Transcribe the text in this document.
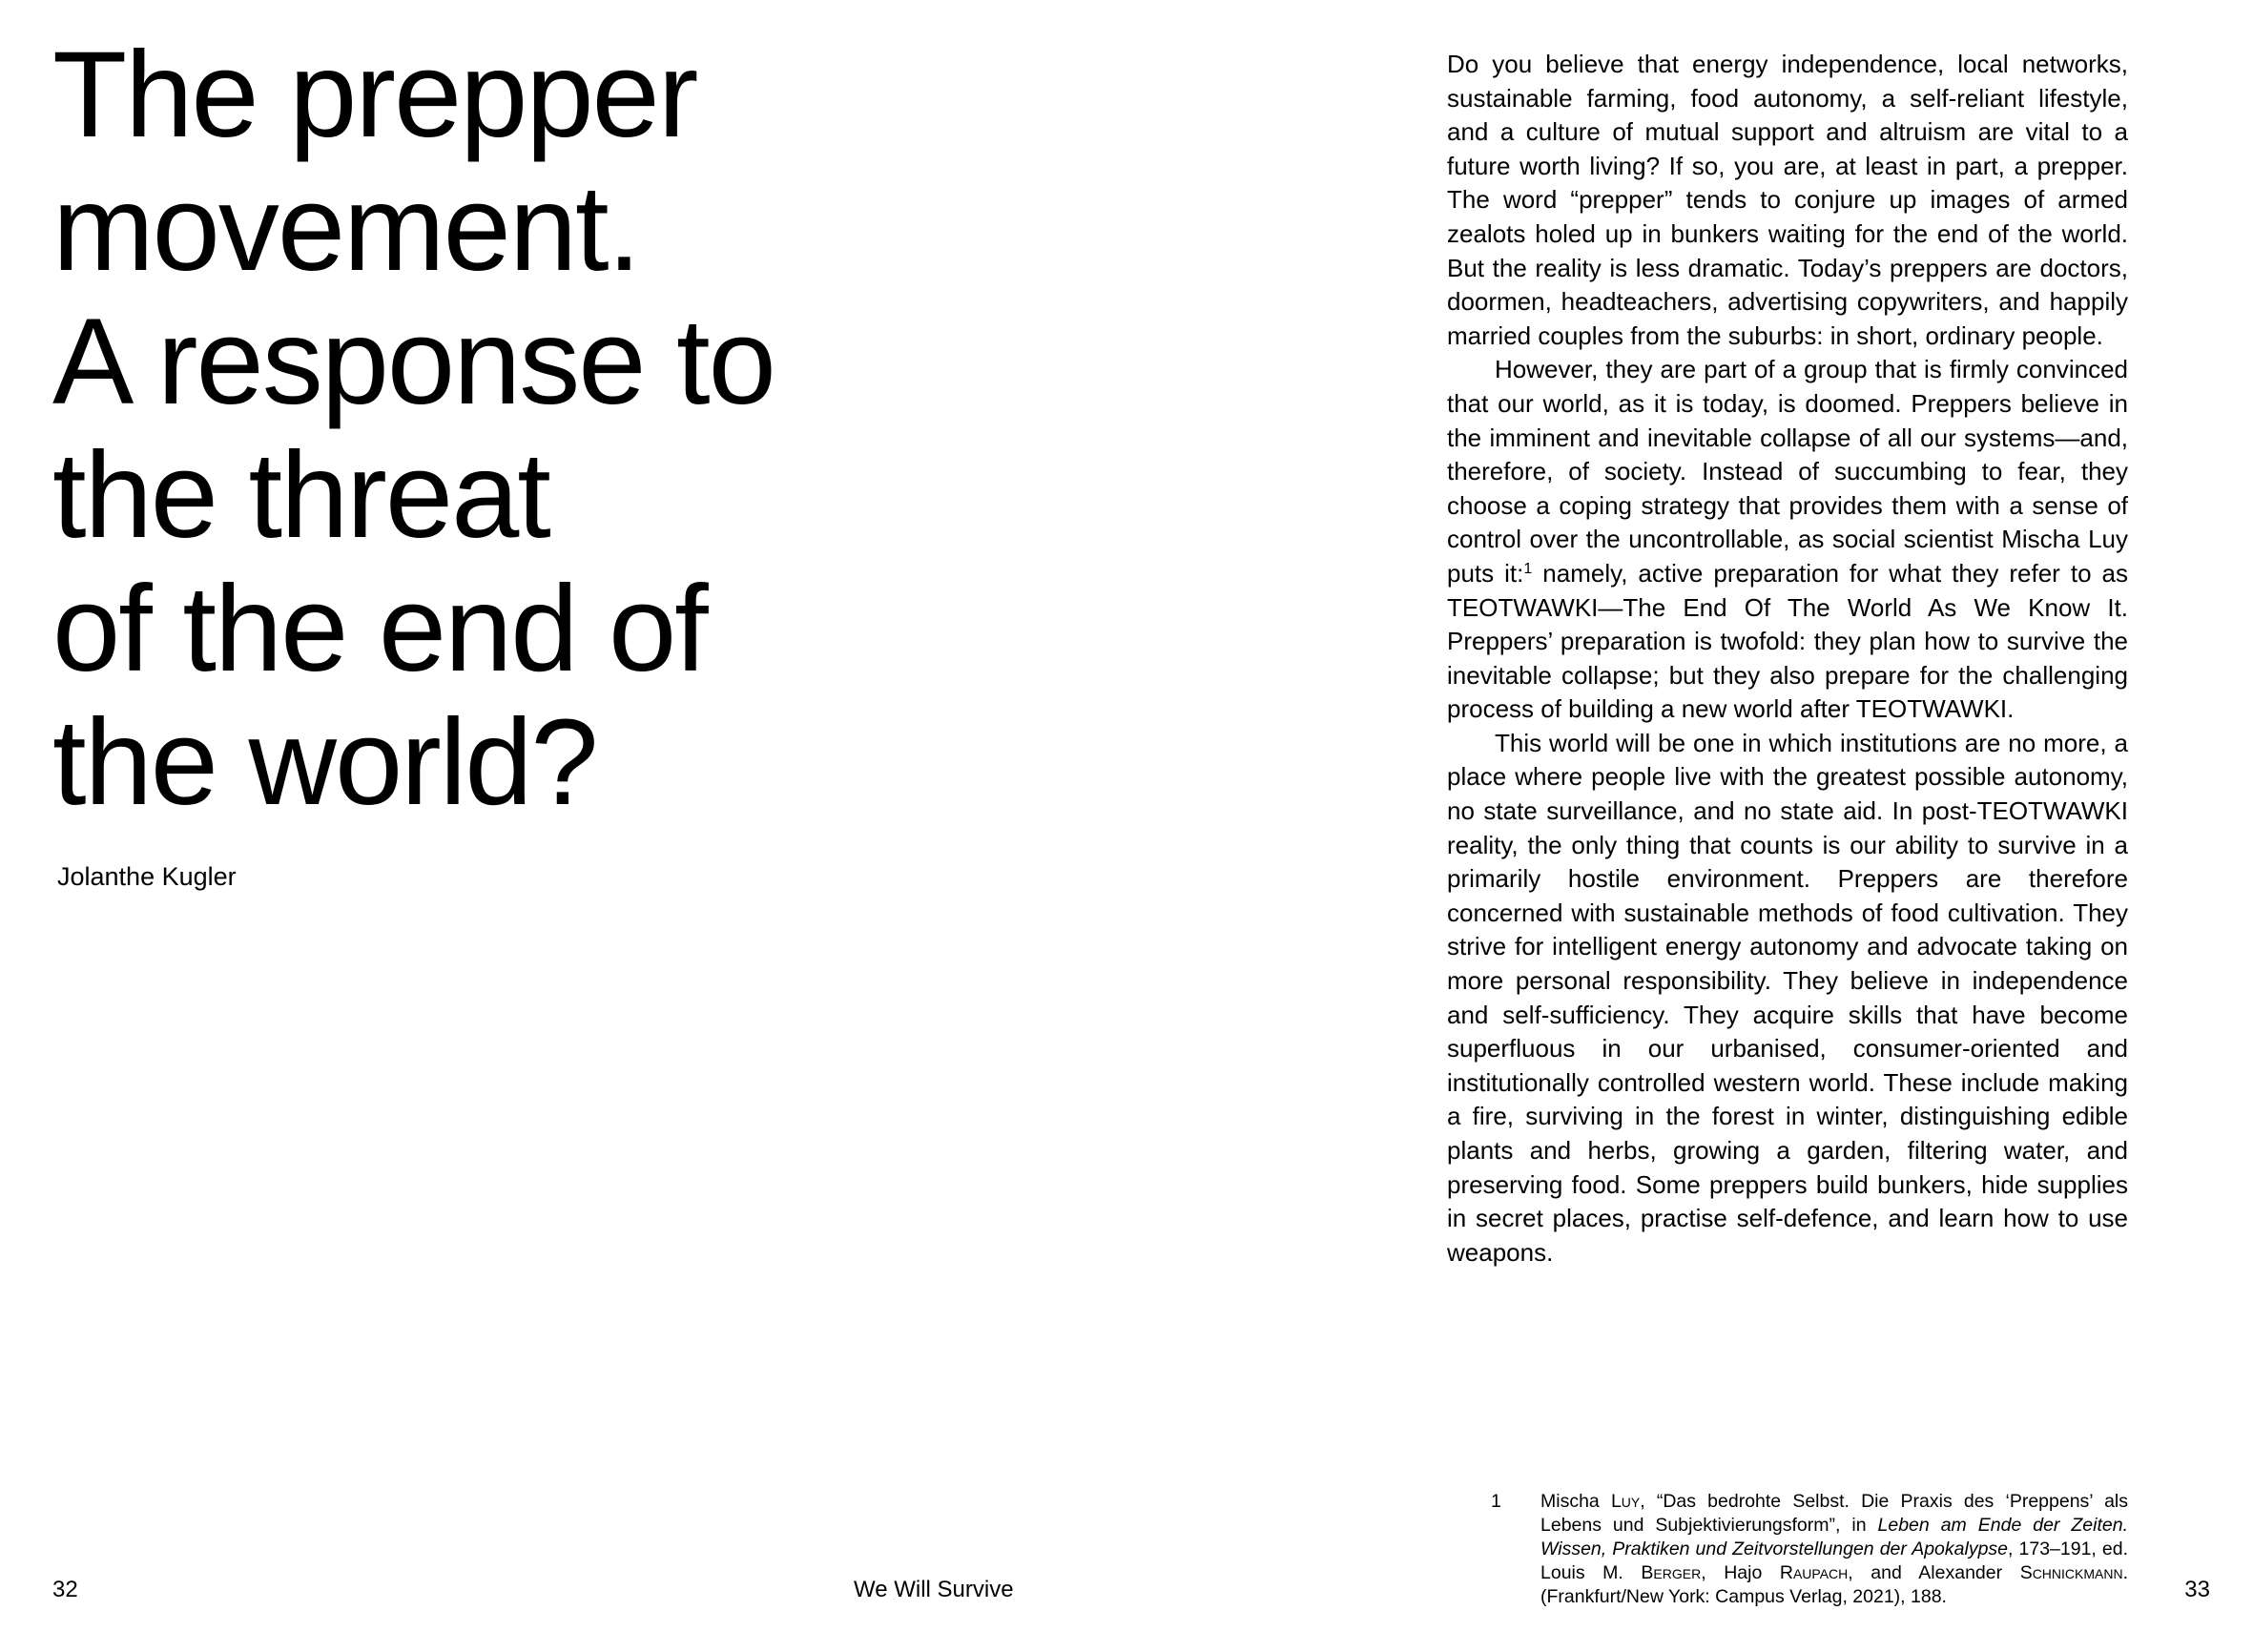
The prepper
movement.
A response to
the threat
of the end of
the world?
Jolanthe Kugler

Do you believe that energy independence, local networks, sustainable farming, food autonomy, a self-reliant lifestyle, and a culture of mutual support and altruism are vital to a future worth living? If so, you are, at least in part, a prepper. The word “prepper” tends to conjure up images of armed zealots holed up in bunkers waiting for the end of the world. But the reality is less dramatic. Today’s preppers are doctors, doormen, headteachers, advertising copywriters, and happily married couples from the suburbs: in short, ordinary people.

However, they are part of a group that is firmly convinced that our world, as it is today, is doomed. Preppers believe in the imminent and inevitable collapse of all our systems—and, therefore, of society. Instead of succumbing to fear, they choose a coping strategy that provides them with a sense of control over the uncontrollable, as social scientist Mischa Luy puts it:$^1$ namely, active preparation for what they refer to as TEOTWAWKI—The End Of The World As We Know It. Preppers’ preparation is twofold: they plan how to survive the inevitable collapse; but they also prepare for the challenging process of building a new world after TEOTWAWKI.

This world will be one in which institutions are no more, a place where people live with the greatest possible autonomy, no state surveillance, and no state aid. In post-TEOTWAWKI reality, the only thing that counts is our ability to survive in a primarily hostile environment. Preppers are therefore concerned with sustainable methods of food cultivation. They strive for intelligent energy autonomy and advocate taking on more personal responsibility. They believe in independence and self-sufficiency. They acquire skills that have become superfluous in our urbanised, consumer-oriented and institutionally controlled western world. These include making a fire, surviving in the forest in winter, distinguishing edible plants and herbs, growing a garden, filtering water, and preserving food. Some preppers build bunkers, hide supplies in secret places, practise self-defence, and learn how to use weapons.

1 Mischa Luy, “Das bedrohte Selbst. Die Praxis des ‘Preppens’ als Lebens und Subjektivierungsform”, in Leben am Ende der Zeiten. Wissen, Praktiken und Zeitvorstellungen der Apokalypse, 173–191, ed. Louis M. Berger, Hajo Raupach, and Alexander Schnickmann. (Frankfurt/New York: Campus Verlag, 2021), 188.
32	We Will Survive	33
